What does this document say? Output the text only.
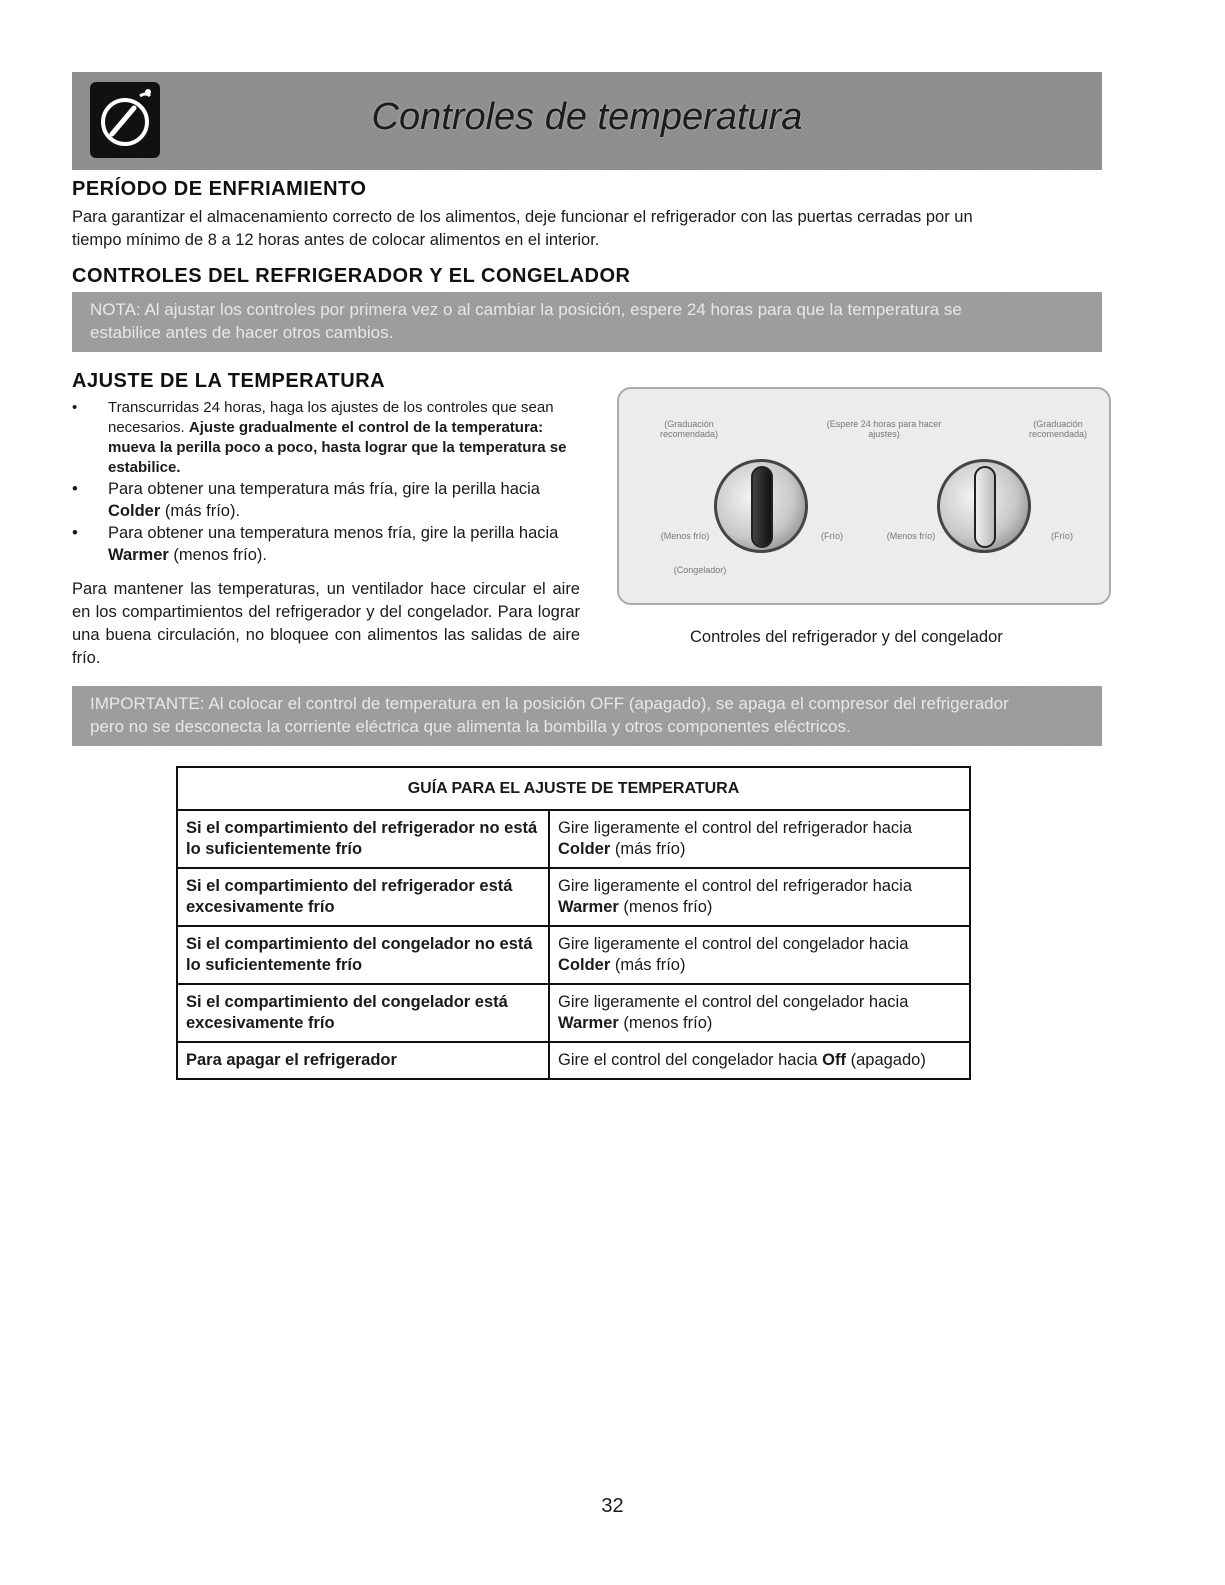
Controles de temperatura
PERÍODO DE ENFRIAMIENTO
Para garantizar el almacenamiento correcto de los alimentos, deje funcionar el refrigerador con las puertas cerradas por un
tiempo mínimo de 8 a 12 horas antes de colocar alimentos en el interior.
CONTROLES DEL REFRIGERADOR Y EL CONGELADOR
NOTA: Al ajustar los controles por primera vez o al cambiar la posición, espere 24 horas para que la temperatura se
estabilice antes de hacer otros cambios.
AJUSTE DE LA TEMPERATURA
• Transcurridas 24 horas, haga los ajustes de los controles que sean necesarios. Ajuste gradualmente el control de la temperatura: mueva la perilla poco a poco, hasta lograr que la temperatura se estabilice.
• Para obtener una temperatura más fría, gire la perilla hacia Colder (más frío).
• Para obtener una temperatura menos fría, gire la perilla hacia Warmer (menos frío).
Para mantener las temperaturas, un ventilador hace circular el aire en los compartimientos del refrigerador y del congelador. Para lograr una buena circulación, no bloquee con alimentos las salidas de aire frío.
(Graduación recomendada)
(Espere 24 horas para hacer ajustes)
(Graduación recomendada)
(Menos frío)	(Frío)	(Menos frío)	(Frío)
(Congelador)
Controles del refrigerador y del congelador
IMPORTANTE: Al colocar el control de temperatura en la posición OFF (apagado), se apaga el compresor del refrigerador
pero no se desconecta la corriente eléctrica que alimenta la bombilla y otros componentes eléctricos.
GUÍA PARA EL AJUSTE DE TEMPERATURA	
Si el compartimiento del refrigerador no está lo suficientemente frío	Gire ligeramente el control del refrigerador hacia Colder (más frío)
Si el compartimiento del refrigerador está excesivamente frío	Gire ligeramente el control del refrigerador hacia Warmer (menos frío)
Si el compartimiento del congelador no está lo suficientemente frío	Gire ligeramente el control del congelador hacia Colder (más frío)
Si el compartimiento del congelador está excesivamente frío	Gire ligeramente el control del congelador hacia Warmer (menos frío)
Para apagar el refrigerador	Gire el control del congelador hacia Off (apagado)
32
